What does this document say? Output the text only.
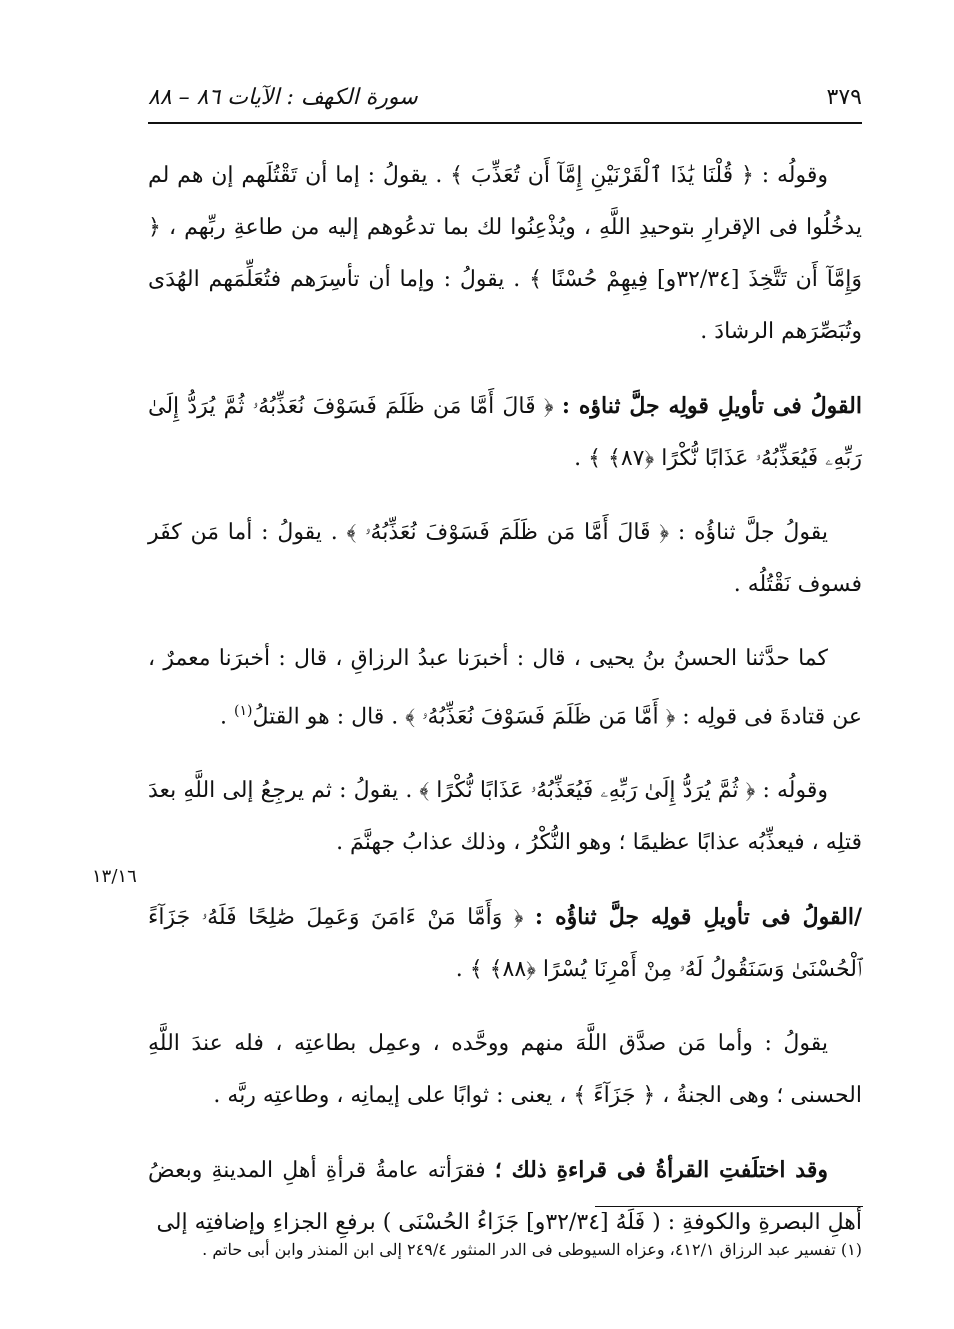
٣٧٩
سورة الكهف : الآيات ٨٦ – ٨٨

وقولُه : ﴿ قُلْنَا يَٰذَا ٱلْقَرْنَيْنِ إِمَّآ أَن تُعَذِّبَ ﴾ . يقولُ : إما أن تَقْتُلَهم إن هم لم يدخُلُوا فى الإقرارِ بتوحيدِ اللَّهِ ، ويُذْعِنُوا لك بما تدعُوهم إليه من طاعةِ ربِّهم ، ﴿ وَإِمَّآ أَن تَتَّخِذَ [٣٢/٣٤و] فِيهِمْ حُسْنًا ﴾ . يقولُ : وإما أن تأسِرَهم فتُعَلِّمَهم الهُدَى وتُبَصِّرَهم الرشادَ .

القولُ فى تأويلِ قولِه جلَّ ثناؤه : ﴿ قَالَ أَمَّا مَن ظَلَمَ فَسَوْفَ نُعَذِّبُهُۥ ثُمَّ يُرَدُّ إِلَىٰ رَبِّهِۦ فَيُعَذِّبُهُۥ عَذَابًا نُّكْرًا ﴿٨٧﴾ ﴾ .

يقولُ جلَّ ثناؤُه : ﴿ قَالَ أَمَّا مَن ظَلَمَ فَسَوْفَ نُعَذِّبُهُۥ ﴾ . يقولُ : أما مَن كفَر فسوف نَقْتُلُه .

كما حدَّثنا الحسنُ بنُ يحيى ، قال : أخبرَنا عبدُ الرزاقِ ، قال : أخبرَنا معمرٌ ، عن قتادةَ فى قولِه : ﴿ أَمَّا مَن ظَلَمَ فَسَوْفَ نُعَذِّبُهُۥ ﴾ . قال : هو القتلُ$^{(١)}$ .

وقولُه : ﴿ ثُمَّ يُرَدُّ إِلَىٰ رَبِّهِۦ فَيُعَذِّبُهُۥ عَذَابًا نُّكْرًا ﴾ . يقولُ : ثم يرجِعُ إلى اللَّهِ بعدَ قتلِه ، فيعذِّبُه عذابًا عظيمًا ؛ وهو النُّكْرُ ، وذلك عذابُ جهنَّمَ .

/القولُ فى تأويلِ قولِه جلَّ ثناؤُه : ﴿ وَأَمَّا مَنْ ءَامَنَ وَعَمِلَ صَٰلِحًا فَلَهُۥ جَزَآءً ٱلْحُسْنَىٰ وَسَنَقُولُ لَهُۥ مِنْ أَمْرِنَا يُسْرًا ﴿٨٨﴾ ﴾ .

يقولُ : وأما مَن صدَّق اللَّهَ منهم ووحَّده ، وعمِل بطاعتِه ، فله عندَ اللَّهِ الحسنى ؛ وهى الجنةُ ، ﴿ جَزَآءً ﴾ ، يعنى : ثوابًا على إيمانِه ، وطاعتِه ربَّه .

وقد اختلَفتِ القرأةُ فى قراءةِ ذلك ؛ فقرَأته عامةُ قرأةِ أهلِ المدينةِ وبعضُ أهلِ البصرةِ والكوفةِ : ( فَلَهُ [٣٢/٣٤و] جَزَاءُ الحُسْنَى ) برفعِ الجزاءِ وإضافتِه إلى

١٣/١٦
(١) تفسير عبد الرزاق ٤١٢/١، وعزاه السيوطى فى الدر المنثور ٢٤٩/٤ إلى ابن المنذر وابن أبى حاتم .
